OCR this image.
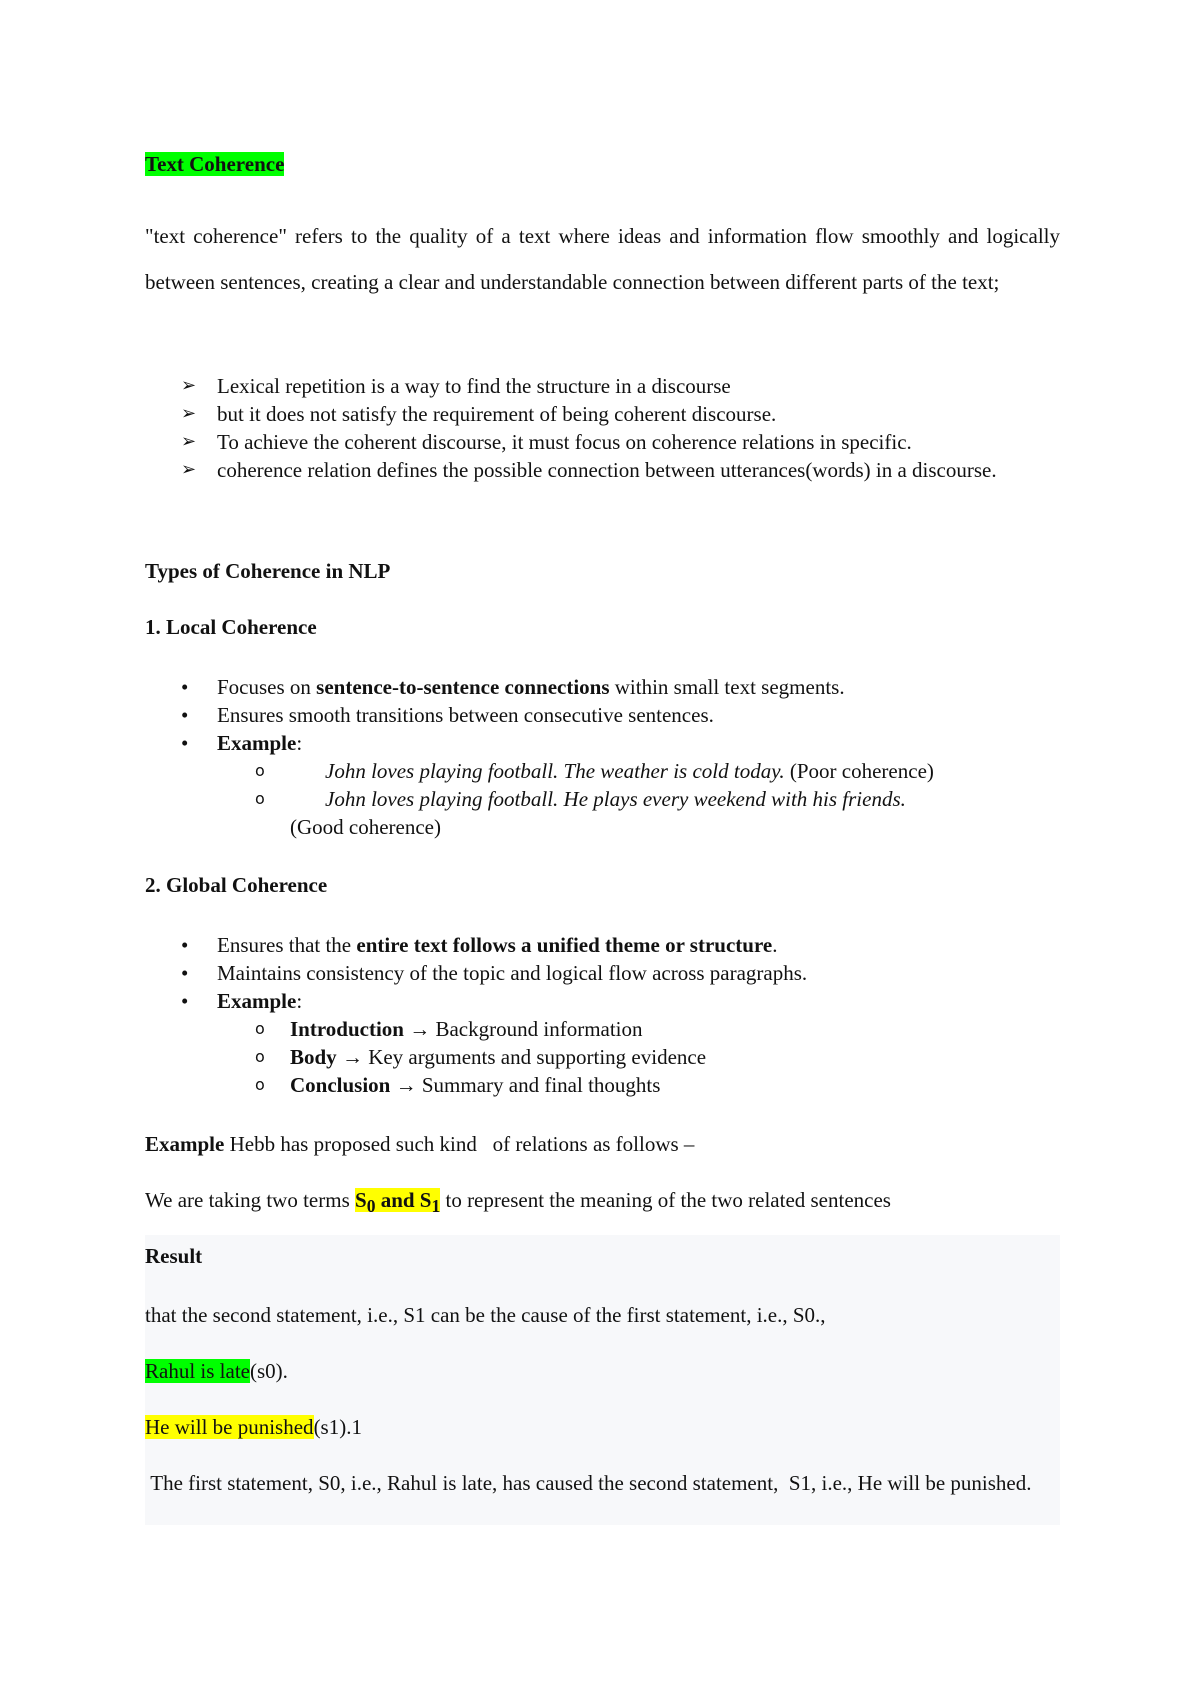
Text Coherence

"text coherence" refers to the quality of a text where ideas and information flow smoothly and logically between sentences, creating a clear and understandable connection between different parts of the text;

➢ Lexical repetition is a way to find the structure in a discourse
➢ but it does not satisfy the requirement of being coherent discourse.
➢ To achieve the coherent discourse, it must focus on coherence relations in specific.
➢ coherence relation defines the possible connection between utterances(words) in a discourse.

Types of Coherence in NLP

1. Local Coherence

• Focuses on sentence-to-sentence connections within small text segments.
• Ensures smooth transitions between consecutive sentences.
• Example:
o	John loves playing football. The weather is cold today. (Poor coherence)
o	John loves playing football. He plays every weekend with his friends.
(Good coherence)

2. Global Coherence

• Ensures that the entire text follows a unified theme or structure.
• Maintains consistency of the topic and logical flow across paragraphs.
• Example:
o	Introduction → Background information
o	Body → Key arguments and supporting evidence
o	Conclusion → Summary and final thoughts

Example Hebb has proposed such kind   of relations as follows –

We are taking two terms $S_0$ and $S_1$ to represent the meaning of the two related sentences

Result

that the second statement, i.e., S1 can be the cause of the first statement, i.e., S0.,

Rahul is late(s0).

He will be punished(s1).1

The first statement, S0, i.e., Rahul is late, has caused the second statement,  S1, i.e., He will be punished.
